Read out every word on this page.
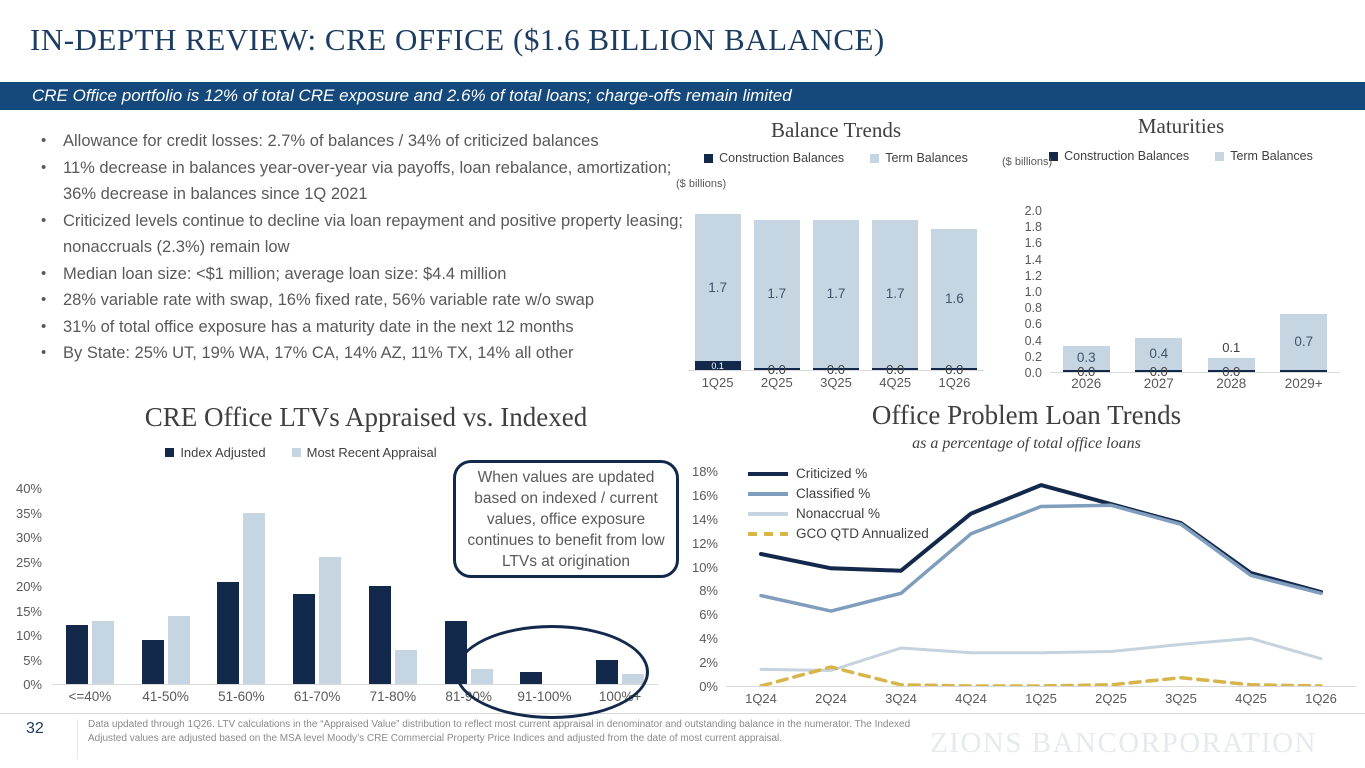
IN-DEPTH REVIEW: CRE OFFICE ($1.6 BILLION BALANCE)
CRE Office portfolio is 12% of total CRE exposure and 2.6% of total loans; charge-offs remain limited
• Allowance for credit losses: 2.7% of balances / 34% of criticized balances
• 11% decrease in balances year-over-year via payoffs, loan rebalance, amortization; 36% decrease in balances since 1Q 2021
• Criticized levels continue to decline via loan repayment and positive property leasing; nonaccruals (2.3%) remain low
• Median loan size: <$1 million; average loan size: $4.4 million
• 28% variable rate with swap, 16% fixed rate, 56% variable rate w/o swap
• 31% of total office exposure has a maturity date in the next 12 months
• By State: 25% UT, 19% WA, 17% CA, 14% AZ, 11% TX, 14% all other
Balance Trends
Construction Balances	Term Balances
($ billions)
1.7
0.1	0.0
1.7
0.0
1.7
0.0
1.7
0.0
1.6
1Q25	2Q25	3Q25	4Q25	1Q26
Maturities
Construction Balances	Term Balances
($ billions)
2.0
1.8
1.6
1.4
1.2
1.0
0.8
0.6
0.4
0.2
0.0	0.0
0.3
0.0
0.4	0.1
0.0
0.7
2026	2027	2028	2029+
CRE Office LTVs Appraised vs. Indexed
Index Adjusted	Most Recent Appraisal
40%
35%
30%
25%
20%
15%
10%
5%
0%
<=40%	41-50%	51-60%	61-70%	71-80%	81-90%	91-100%	100%+
When values are updated based on indexed / current values, office exposure continues to benefit from low LTVs at origination
Office Problem Loan Trends
as a percentage of total office loans
18%
16%
14%
12%
10%
8%
6%
4%
2%
0%
Criticized %
Classified %
Nonaccrual %
GCO QTD Annualized
1Q24	2Q24	3Q24	4Q24	1Q25	2Q25	3Q25	4Q25	1Q26
32	Data updated through 1Q26. LTV calculations in the “Appraised Value” distribution to reflect most current appraisal in denominator and outstanding balance in the numerator. The Indexed Adjusted values are adjusted based on the MSA level Moody’s CRE Commercial Property Price Indices and adjusted from the date of most current appraisal.	ZIONS BANCORPORATION
